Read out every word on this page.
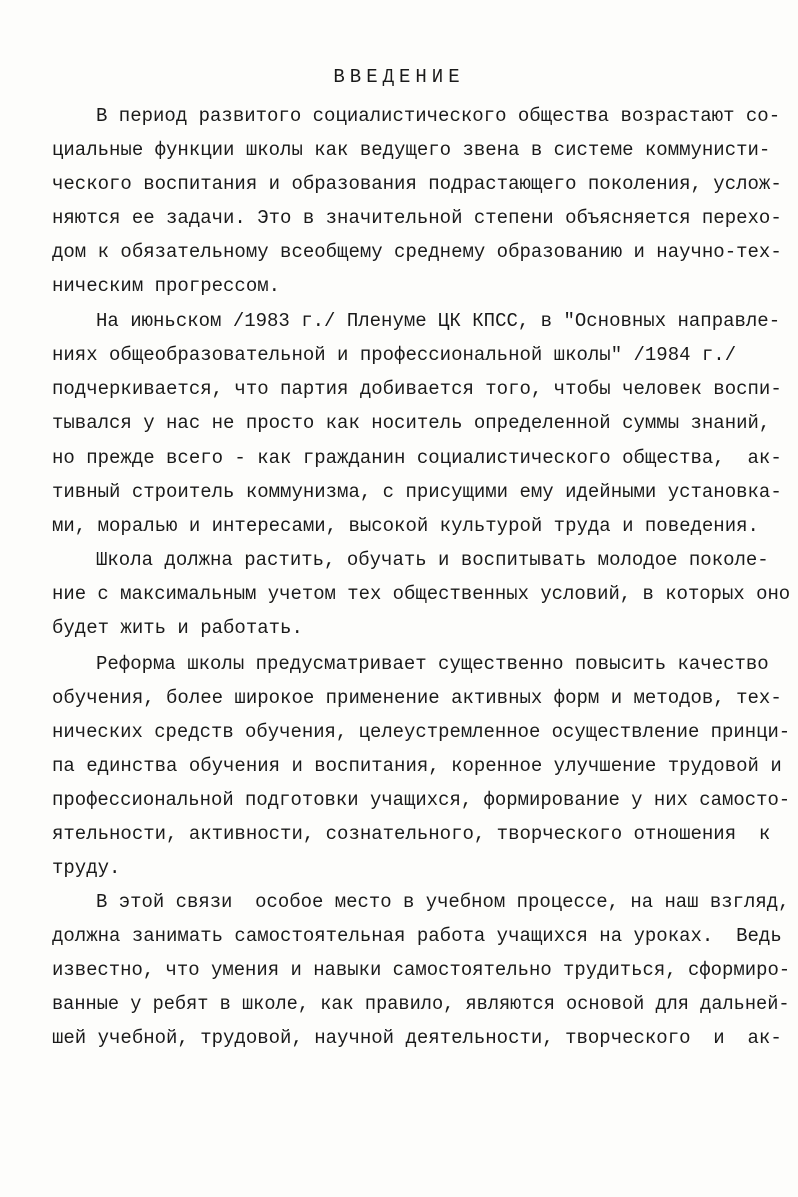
ВВЕДЕНИЕ
В период развитого социалистического общества возрастают со-
циальные функции школы как ведущего звена в системе коммунисти-
ческого воспитания и образования подрастающего поколения, услож-
няются ее задачи. Это в значительной степени объясняется перехо-
дом к обязательному всеобщему среднему образованию и научно-тех-
ническим прогрессом.
На июньском /1983 г./ Пленуме ЦК КПСС, в "Основных направле-
ниях общеобразовательной и профессиональной школы" /1984 г./
подчеркивается, что партия добивается того, чтобы человек воспи-
тывался у нас не просто как носитель определенной суммы знаний,
но прежде всего - как гражданин социалистического общества,  ак-
тивный строитель коммунизма, с присущими ему идейными установка-
ми, моралью и интересами, высокой культурой труда и поведения.
Школа должна растить, обучать и воспитывать молодое поколе-
ние с максимальным учетом тех общественных условий, в которых оно
будет жить и работать.
Реформа школы предусматривает существенно повысить качество
обучения, более широкое применение активных форм и методов, тех-
нических средств обучения, целеустремленное осуществление принци-
па единства обучения и воспитания, коренное улучшение трудовой и
профессиональной подготовки учащихся, формирование у них самосто-
ятельности, активности, сознательного, творческого отношения  к
труду.
В этой связи  особое место в учебном процессе, на наш взгляд,
должна занимать самостоятельная работа учащихся на уроках.  Ведь
известно, что умения и навыки самостоятельно трудиться, сформиро-
ванные у ребят в школе, как правило, являются основой для дальней-
шей учебной, трудовой, научной деятельности, творческого  и  ак-
